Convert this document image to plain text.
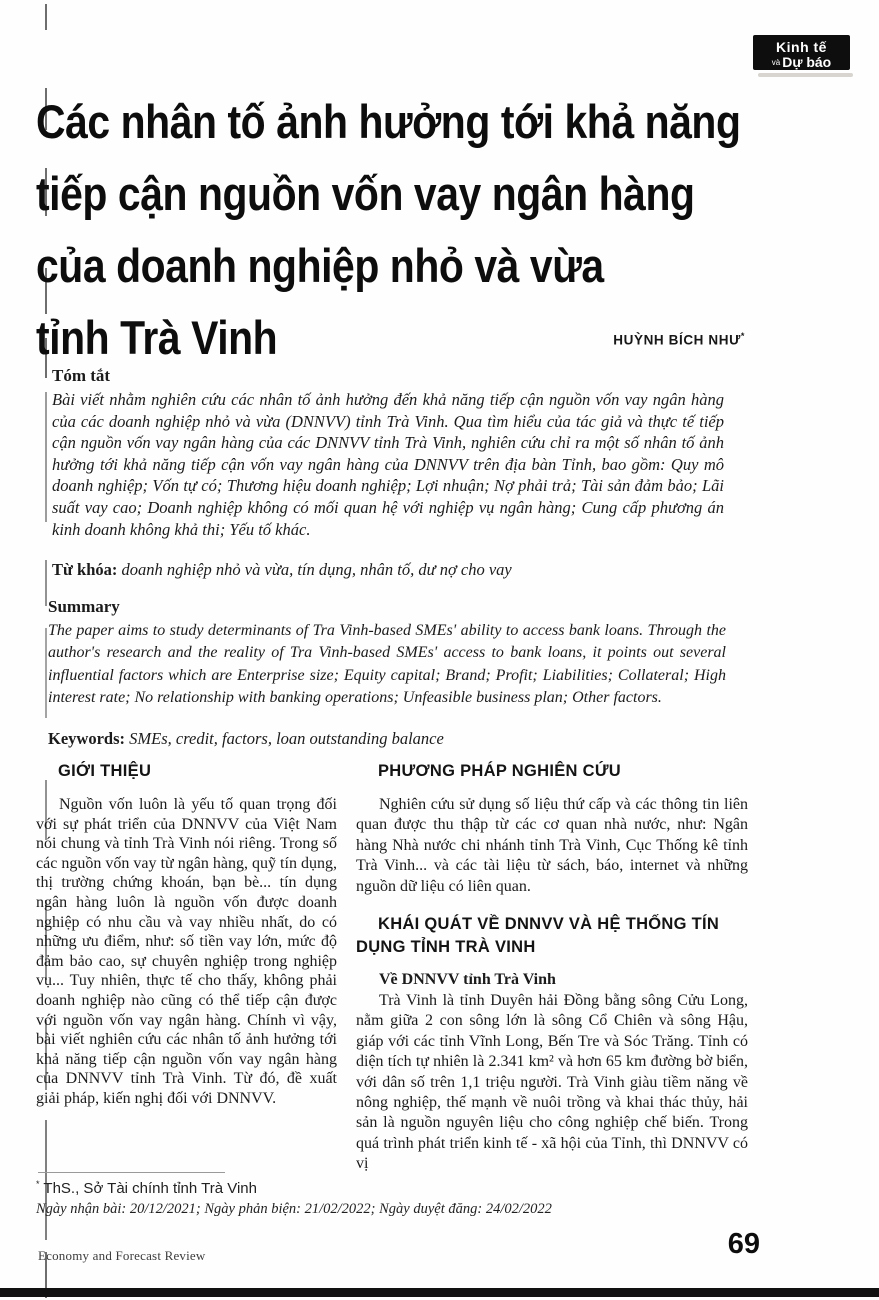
Kinh tế
và Dự báo
Các nhân tố ảnh hưởng tới khả năng
tiếp cận nguồn vốn vay ngân hàng
của doanh nghiệp nhỏ và vừa
tỉnh Trà Vinh	HUỲNH BÍCH NHƯ*

Tóm tắt

Bài viết nhằm nghiên cứu các nhân tố ảnh hưởng đến khả năng tiếp cận nguồn vốn vay ngân hàng của các doanh nghiệp nhỏ và vừa (DNNVV) tỉnh Trà Vinh. Qua tìm hiểu của tác giả và thực tế tiếp cận nguồn vốn vay ngân hàng của các DNNVV tỉnh Trà Vinh, nghiên cứu chỉ ra một số nhân tố ảnh hưởng tới khả năng tiếp cận vốn vay ngân hàng của DNNVV trên địa bàn Tỉnh, bao gồm: Quy mô doanh nghiệp; Vốn tự có; Thương hiệu doanh nghiệp; Lợi nhuận; Nợ phải trả; Tài sản đảm bảo; Lãi suất vay cao; Doanh nghiệp không có mối quan hệ với nghiệp vụ ngân hàng; Cung cấp phương án kinh doanh không khả thi; Yếu tố khác.

Từ khóa: doanh nghiệp nhỏ và vừa, tín dụng, nhân tố, dư nợ cho vay

Summary

The paper aims to study determinants of Tra Vinh-based SMEs' ability to access bank loans. Through the author's research and the reality of Tra Vinh-based SMEs' access to bank loans, it points out several influential factors which are Enterprise size; Equity capital; Brand; Profit; Liabilities; Collateral; High interest rate; No relationship with banking operations; Unfeasible business plan; Other factors.

Keywords: SMEs, credit, factors, loan outstanding balance

GIỚI THIỆU

Nguồn vốn luôn là yếu tố quan trọng đối với sự phát triển của DNNVV của Việt Nam nói chung và tỉnh Trà Vinh nói riêng. Trong số các nguồn vốn vay từ ngân hàng, quỹ tín dụng, thị trường chứng khoán, bạn bè... tín dụng ngân hàng luôn là nguồn vốn được doanh nghiệp có nhu cầu và vay nhiều nhất, do có những ưu điểm, như: số tiền vay lớn, mức độ đảm bảo cao, sự chuyên nghiệp trong nghiệp vụ... Tuy nhiên, thực tế cho thấy, không phải doanh nghiệp nào cũng có thể tiếp cận được với nguồn vốn vay ngân hàng. Chính vì vậy, bài viết nghiên cứu các nhân tố ảnh hưởng tới khả năng tiếp cận nguồn vốn vay ngân hàng của DNNVV tỉnh Trà Vinh. Từ đó, đề xuất giải pháp, kiến nghị đối với DNNVV.

PHƯƠNG PHÁP NGHIÊN CỨU

Nghiên cứu sử dụng số liệu thứ cấp và các thông tin liên quan được thu thập từ các cơ quan nhà nước, như: Ngân hàng Nhà nước chi nhánh tỉnh Trà Vinh, Cục Thống kê tỉnh Trà Vinh... và các tài liệu từ sách, báo, internet và những nguồn dữ liệu có liên quan.

KHÁI QUÁT VỀ DNNVV VÀ HỆ THỐNG TÍN DỤNG TỈNH TRÀ VINH

Về DNNVV tỉnh Trà Vinh

Trà Vinh là tỉnh Duyên hải Đồng bằng sông Cửu Long, nằm giữa 2 con sông lớn là sông Cổ Chiên và sông Hậu, giáp với các tỉnh Vĩnh Long, Bến Tre và Sóc Trăng. Tỉnh có diện tích tự nhiên là 2.341 km² và hơn 65 km đường bờ biển, với dân số trên 1,1 triệu người. Trà Vinh giàu tiềm năng về nông nghiệp, thế mạnh về nuôi trồng và khai thác thủy, hải sản là nguồn nguyên liệu cho công nghiệp chế biến. Trong quá trình phát triển kinh tế - xã hội của Tỉnh, thì DNNVV có vị

* ThS., Sở Tài chính tỉnh Trà Vinh

Ngày nhận bài: 20/12/2021; Ngày phản biện: 21/02/2022; Ngày duyệt đăng: 24/02/2022

Economy and Forecast Review	69
